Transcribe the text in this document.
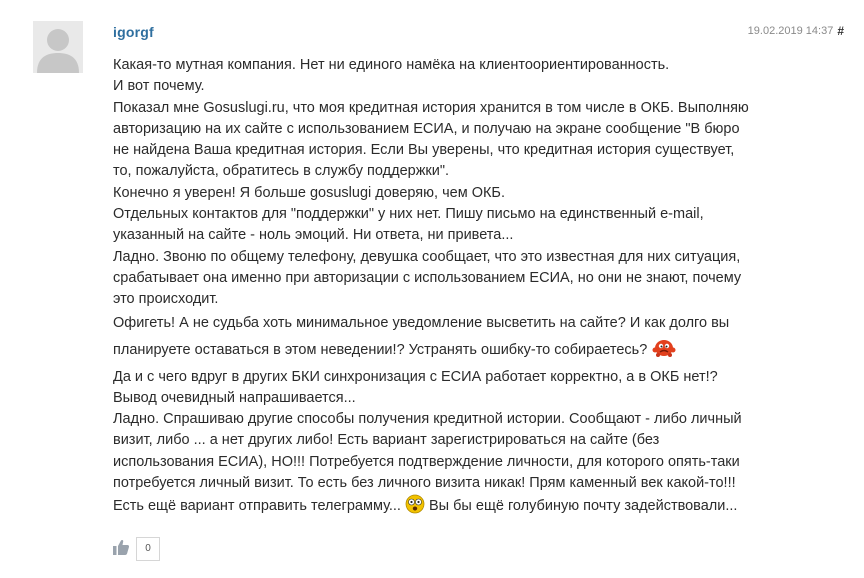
igorgf	19.02.2019 14:37 #

Какая-то мутная компания. Нет ни единого намёка на клиентоориентированность.

И вот почему.

Показал мне Gosuslugi.ru, что моя кредитная история хранится в том числе в ОКБ. Выполняю авторизацию на их сайте с использованием ЕСИА, и получаю на экране сообщение "В бюро не найдена Ваша кредитная история. Если Вы уверены, что кредитная история существует, то, пожалуйста, обратитесь в службу поддержки".

Конечно я уверен! Я больше gosuslugi доверяю, чем ОКБ.

Отдельных контактов для "поддержки" у них нет. Пишу письмо на единственный e-mail, указанный на сайте - ноль эмоций. Ни ответа, ни привета...

Ладно. Звоню по общему телефону, девушка сообщает, что это известная для них ситуация, срабатывает она именно при авторизации с использованием ЕСИА, но они не знают, почему это происходит.

Офигеть! А не судьба хоть минимальное уведомление высветить на сайте? И как долго вы планируете оставаться в этом неведении!? Устранять ошибку-то собираетесь?

Да и с чего вдруг в других БКИ синхронизация с ЕСИА работает корректно, а в ОКБ нет!?

Вывод очевидный напрашивается...

Ладно. Спрашиваю другие способы получения кредитной истории. Сообщают - либо личный визит, либо ... а нет других либо! Есть вариант зарегистрироваться на сайте (без использования ЕСИА), НО!!! Потребуется подтверждение личности, для которого опять-таки потребуется личный визит. То есть без личного визита никак! Прям каменный век какой-то!!!

Есть ещё вариант отправить телеграмму... Вы бы ещё голубиную почту задействовали...

0
